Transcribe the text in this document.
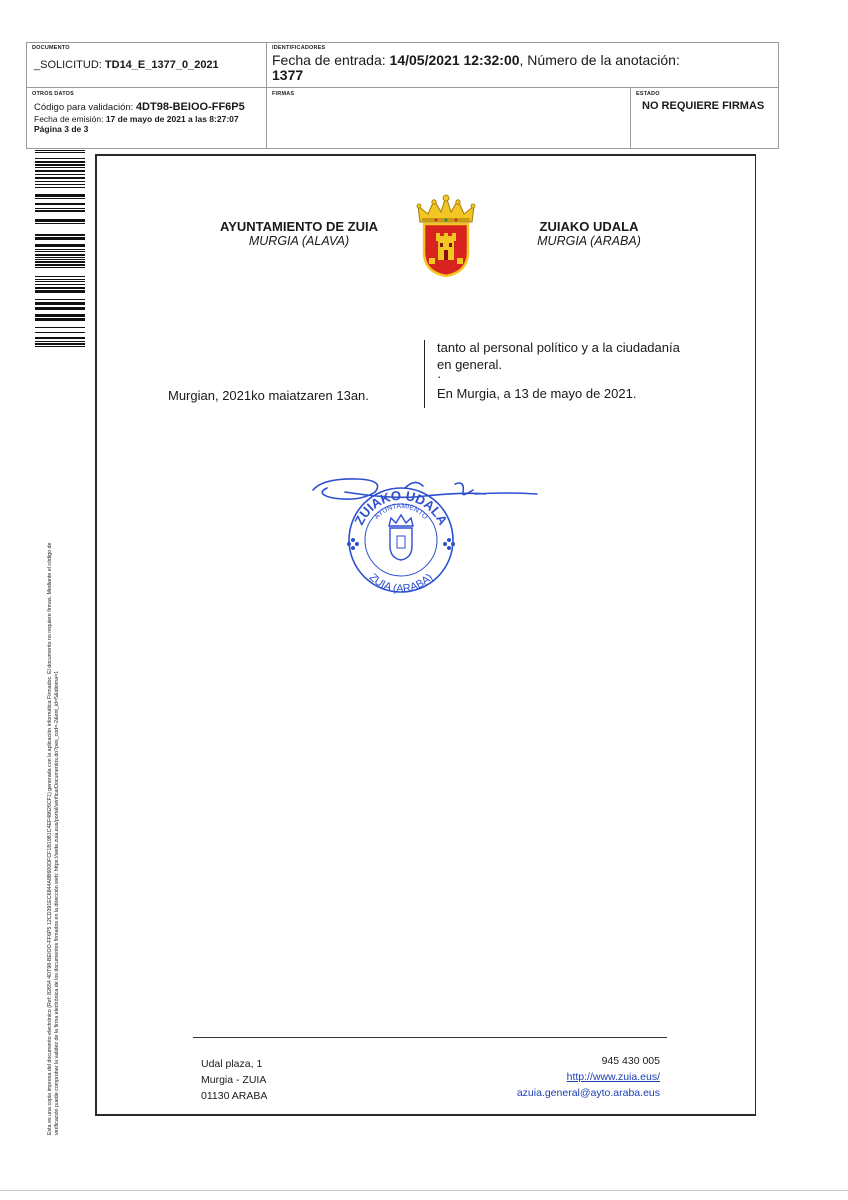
DOCUMENTO
_SOLICITUD: TD14_E_1377_0_2021
IDENTIFICADORES
Fecha de entrada: 14/05/2021 12:32:00, Número de la anotación:
1377
OTROS DATOS
Código para validación: 4DT98-BEIOO-FF6P5
Fecha de emisión: 17 de mayo de 2021 a las 8:27:07
Página 3 de 3
FIRMAS	ESTADO
NO REQUIERE FIRMAS
Esta es una copia impresa del documento electrónico (Ref: 82654 4DT98-BEIOO-FF6P5 12CD391EC6844A8B600DFCF1B1981C4EF48626CF1) generada con la aplicación informática Firmadoc. El documento no requiere firmas. Mediante el código de verificación puede comprobar la validez de la firma electrónica de los documentos firmados en la dirección web: https://sede.zuia.eus/portal/verificarDocumentos.do?pes_cod=-2&ent_id=5&idioma=1
AYUNTAMIENTO DE ZUIA
MURGIA (ALAVA)
ZUIAKO UDALA
MURGIA (ARABA)
tanto al personal político y a la ciudadanía
en general.
·
Murgian, 2021ko maiatzaren 13an.	En Murgia, a 13 de mayo de 2021.
ZUIAKO UDALA
AYUNTAMIENTO
ZUIA (ARABA)
Udal plaza, 1
Murgia - ZUIA
01130 ARABA
945 430 005
http://www.zuia.eus/
azuia.general@ayto.araba.eus
